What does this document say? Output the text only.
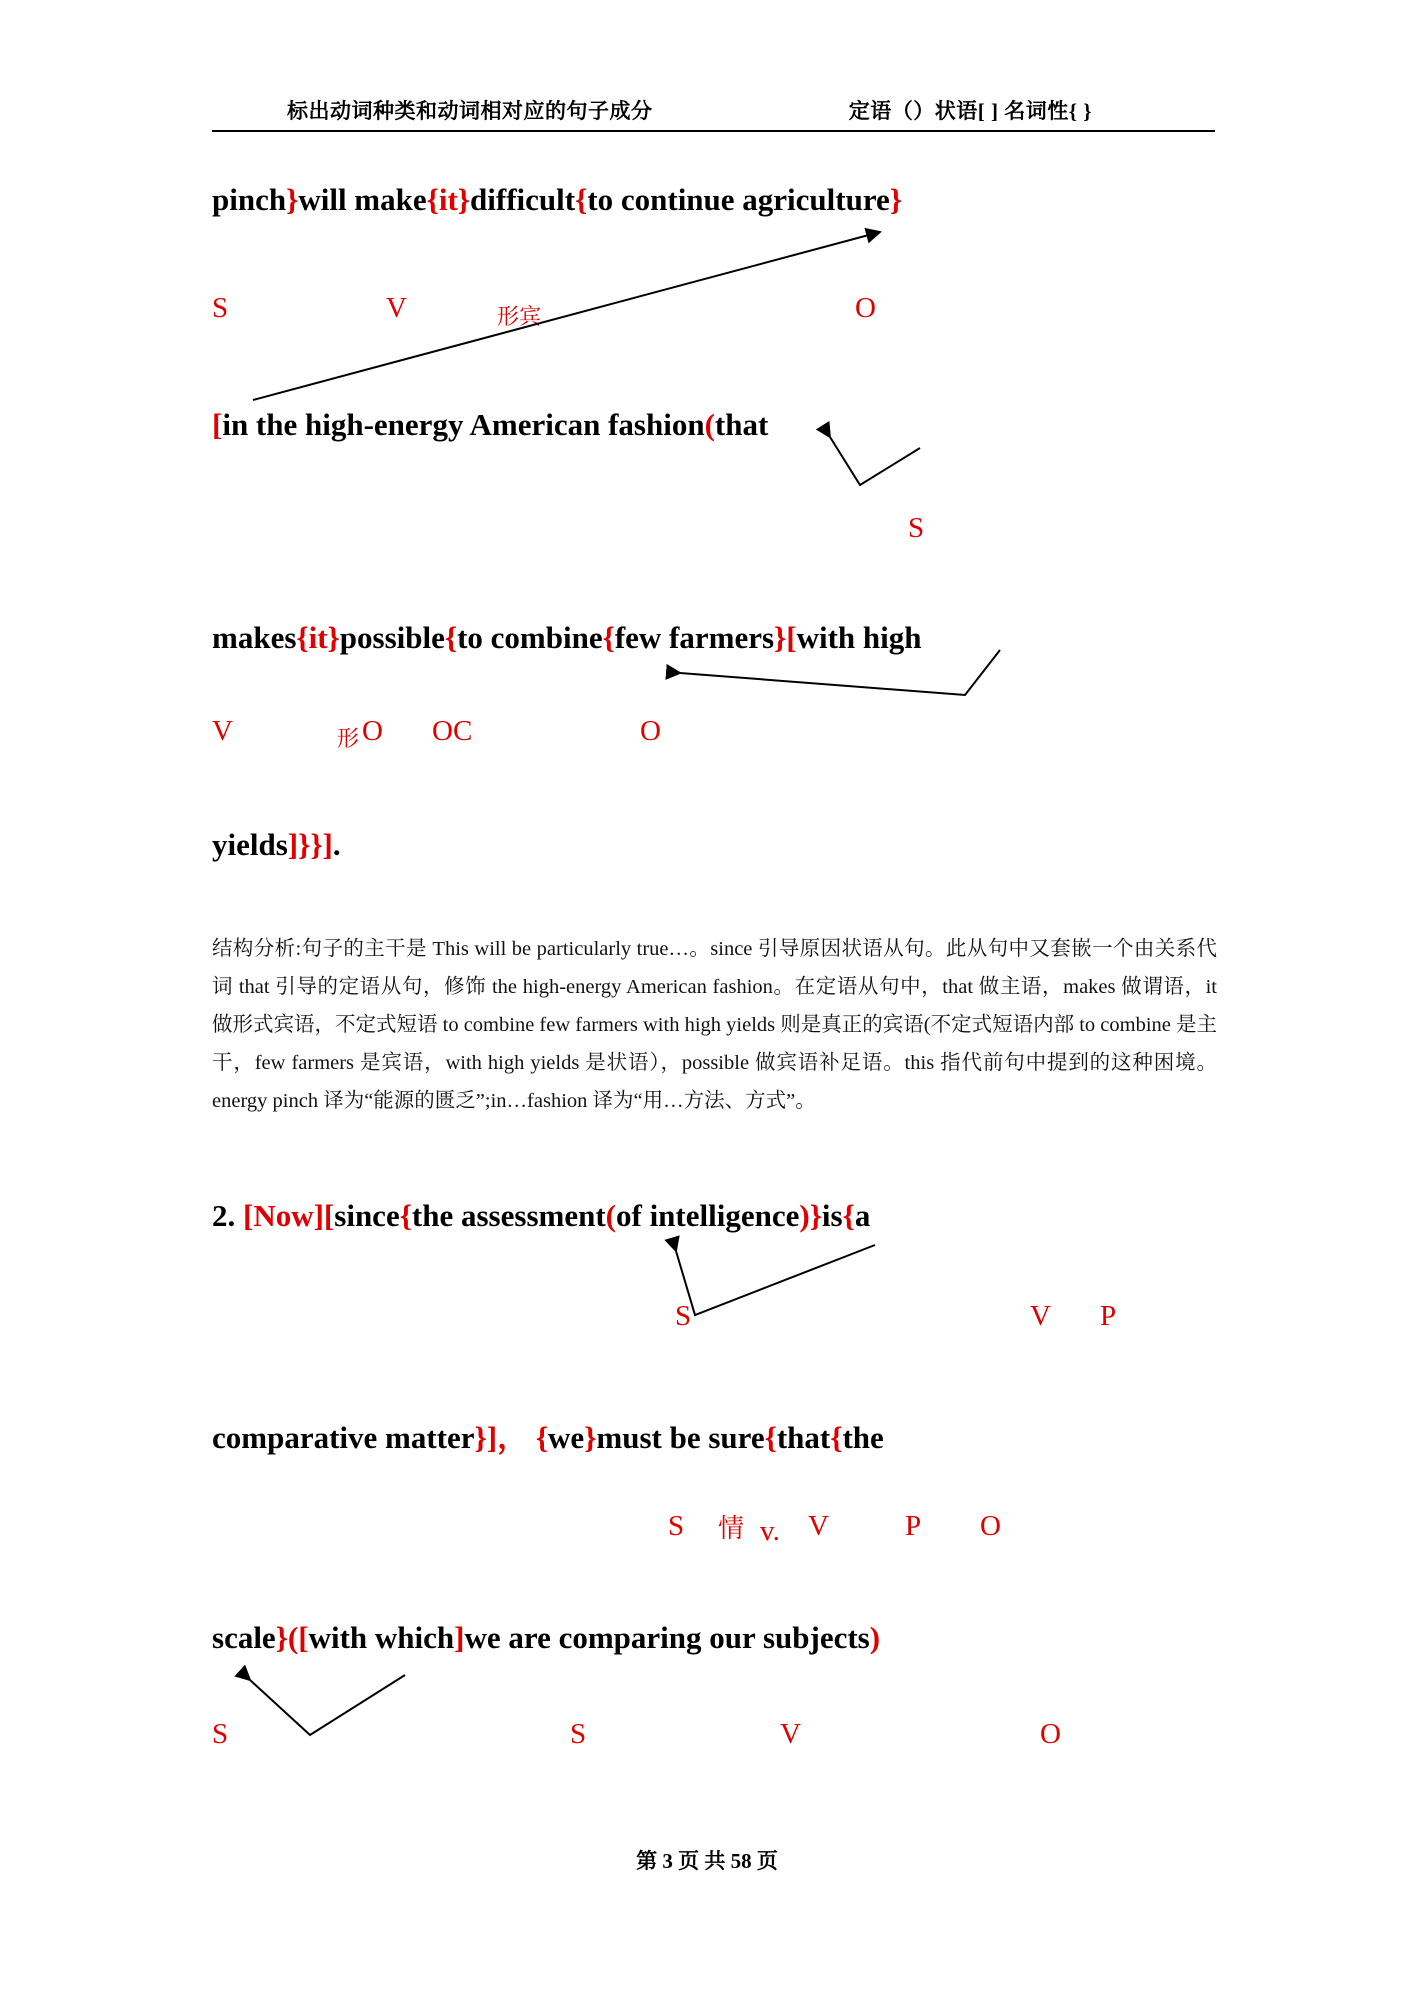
标出动词种类和动词相对应的句子成分	定语（）状语[ ] 名词性{ }
pinch}will make{it}difficult{to continue agriculture}
[in the high-energy American fashion(that
makes{it}possible{to combine{few farmers}[with high
yields]}}].
2. [Now][since{the assessment(of intelligence)}is{a
comparative matter}]， {we}must be sure{that{the
scale}([with which]we are comparing our subjects)
S	V	形宾	O
S
V	形 O OC	O
S	V P
S 情 v. V	P O
S	S	V	O
结构分析:句子的主干是 This will be particularly true…。since 引导原因状语从句。此从句中又套嵌一个由关系代词 that 引导的定语从句，修饰 the high-energy American fashion。在定语从句中，that 做主语，makes 做谓语，it 做形式宾语，不定式短语 to combine few farmers with high yields 则是真正的宾语(不定式短语内部 to combine 是主干，few farmers 是宾语，with high yields 是状语），possible 做宾语补足语。this 指代前句中提到的这种困境。energy pinch 译为“能源的匮乏”;in…fashion 译为“用…方法、方式”。
第 3 页 共 58 页
